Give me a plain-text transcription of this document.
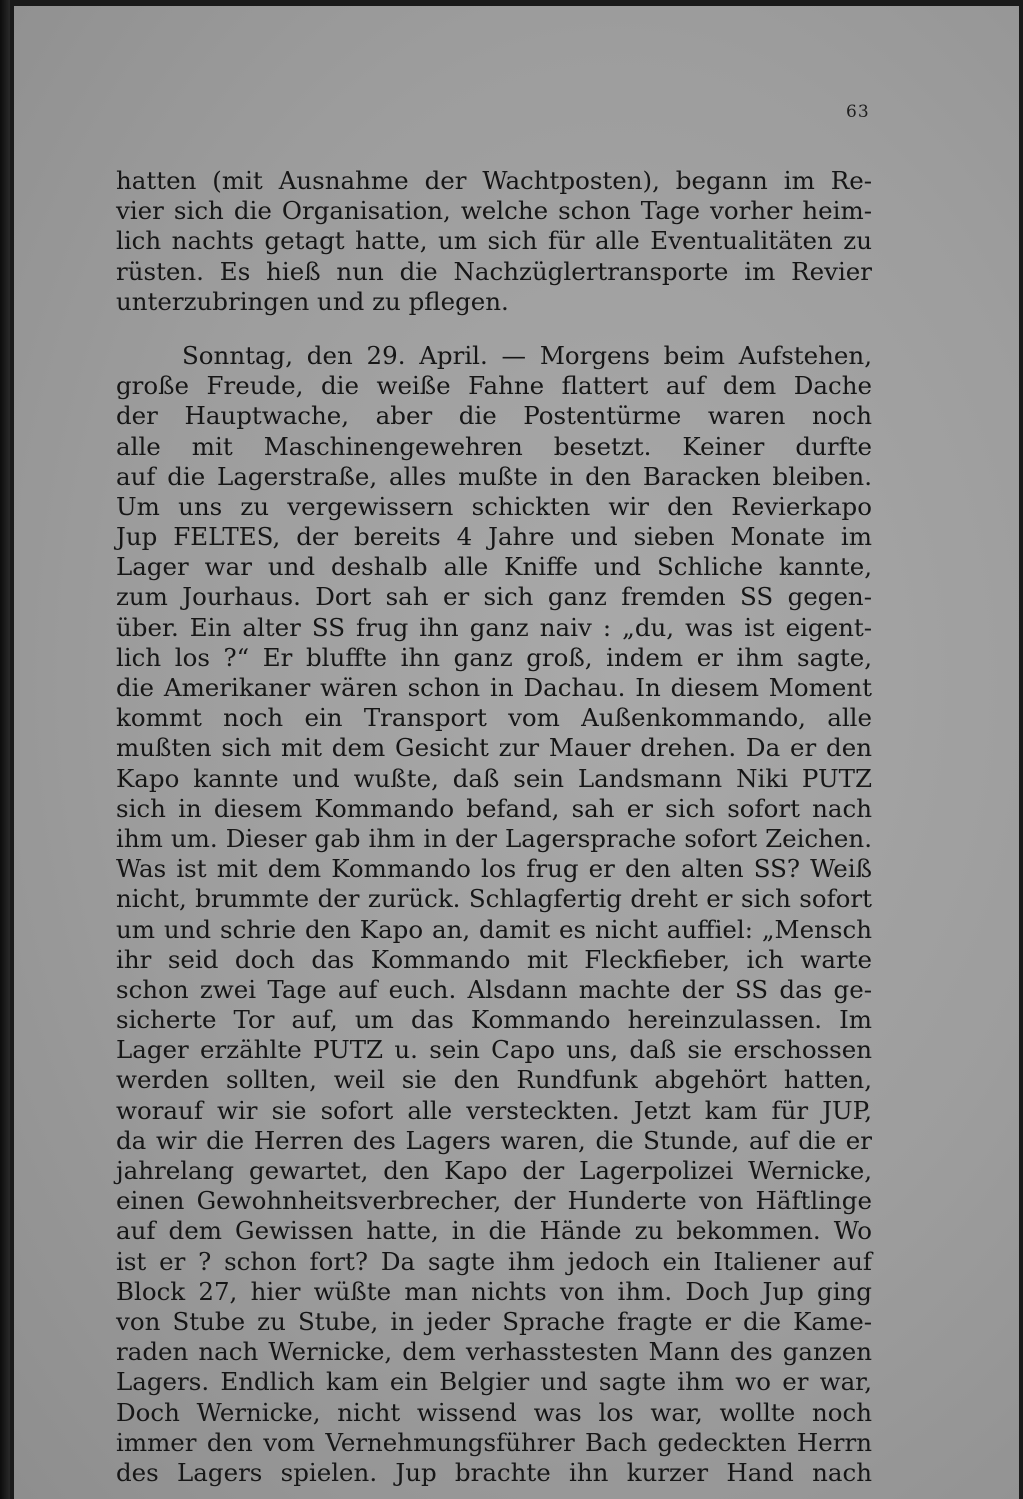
63
hatten (mit Ausnahme der Wachtposten), begann im Re-
vier sich die Organisation, welche schon Tage vorher heim-
lich nachts getagt hatte, um sich für alle Eventualitäten zu
rüsten. Es hieß nun die Nachzüglertransporte im Revier
unterzubringen und zu pflegen.
Sonntag, den 29. April. — Morgens beim Aufstehen,
große Freude, die weiße Fahne flattert auf dem Dache
der Hauptwache, aber die Postentürme waren noch
alle mit Maschinengewehren besetzt. Keiner durfte
auf die Lagerstraße, alles mußte in den Baracken bleiben.
Um uns zu vergewissern schickten wir den Revierkapo
Jup FELTES, der bereits 4 Jahre und sieben Monate im
Lager war und deshalb alle Kniffe und Schliche kannte,
zum Jourhaus. Dort sah er sich ganz fremden SS gegen-
über. Ein alter SS frug ihn ganz naiv : „du, was ist eigent-
lich los ?“ Er bluffte ihn ganz groß, indem er ihm sagte,
die Amerikaner wären schon in Dachau. In diesem Moment
kommt noch ein Transport vom Außenkommando, alle
mußten sich mit dem Gesicht zur Mauer drehen. Da er den
Kapo kannte und wußte, daß sein Landsmann Niki PUTZ
sich in diesem Kommando befand, sah er sich sofort nach
ihm um. Dieser gab ihm in der Lagersprache sofort Zeichen.
Was ist mit dem Kommando los frug er den alten SS? Weiß
nicht, brummte der zurück. Schlagfertig dreht er sich sofort
um und schrie den Kapo an, damit es nicht auffiel: „Mensch
ihr seid doch das Kommando mit Fleckfieber, ich warte
schon zwei Tage auf euch. Alsdann machte der SS das ge-
sicherte Tor auf, um das Kommando hereinzulassen. Im
Lager erzählte PUTZ u. sein Capo uns, daß sie erschossen
werden sollten, weil sie den Rundfunk abgehört hatten,
worauf wir sie sofort alle versteckten. Jetzt kam für JUP,
da wir die Herren des Lagers waren, die Stunde, auf die er
jahrelang gewartet, den Kapo der Lagerpolizei Wernicke,
einen Gewohnheitsverbrecher, der Hunderte von Häftlinge
auf dem Gewissen hatte, in die Hände zu bekommen. Wo
ist er ? schon fort? Da sagte ihm jedoch ein Italiener auf
Block 27, hier wüßte man nichts von ihm. Doch Jup ging
von Stube zu Stube, in jeder Sprache fragte er die Kame-
raden nach Wernicke, dem verhasstesten Mann des ganzen
Lagers. Endlich kam ein Belgier und sagte ihm wo er war,
Doch Wernicke, nicht wissend was los war, wollte noch
immer den vom Vernehmungsführer Bach gedeckten Herrn
des Lagers spielen. Jup brachte ihn kurzer Hand nach
